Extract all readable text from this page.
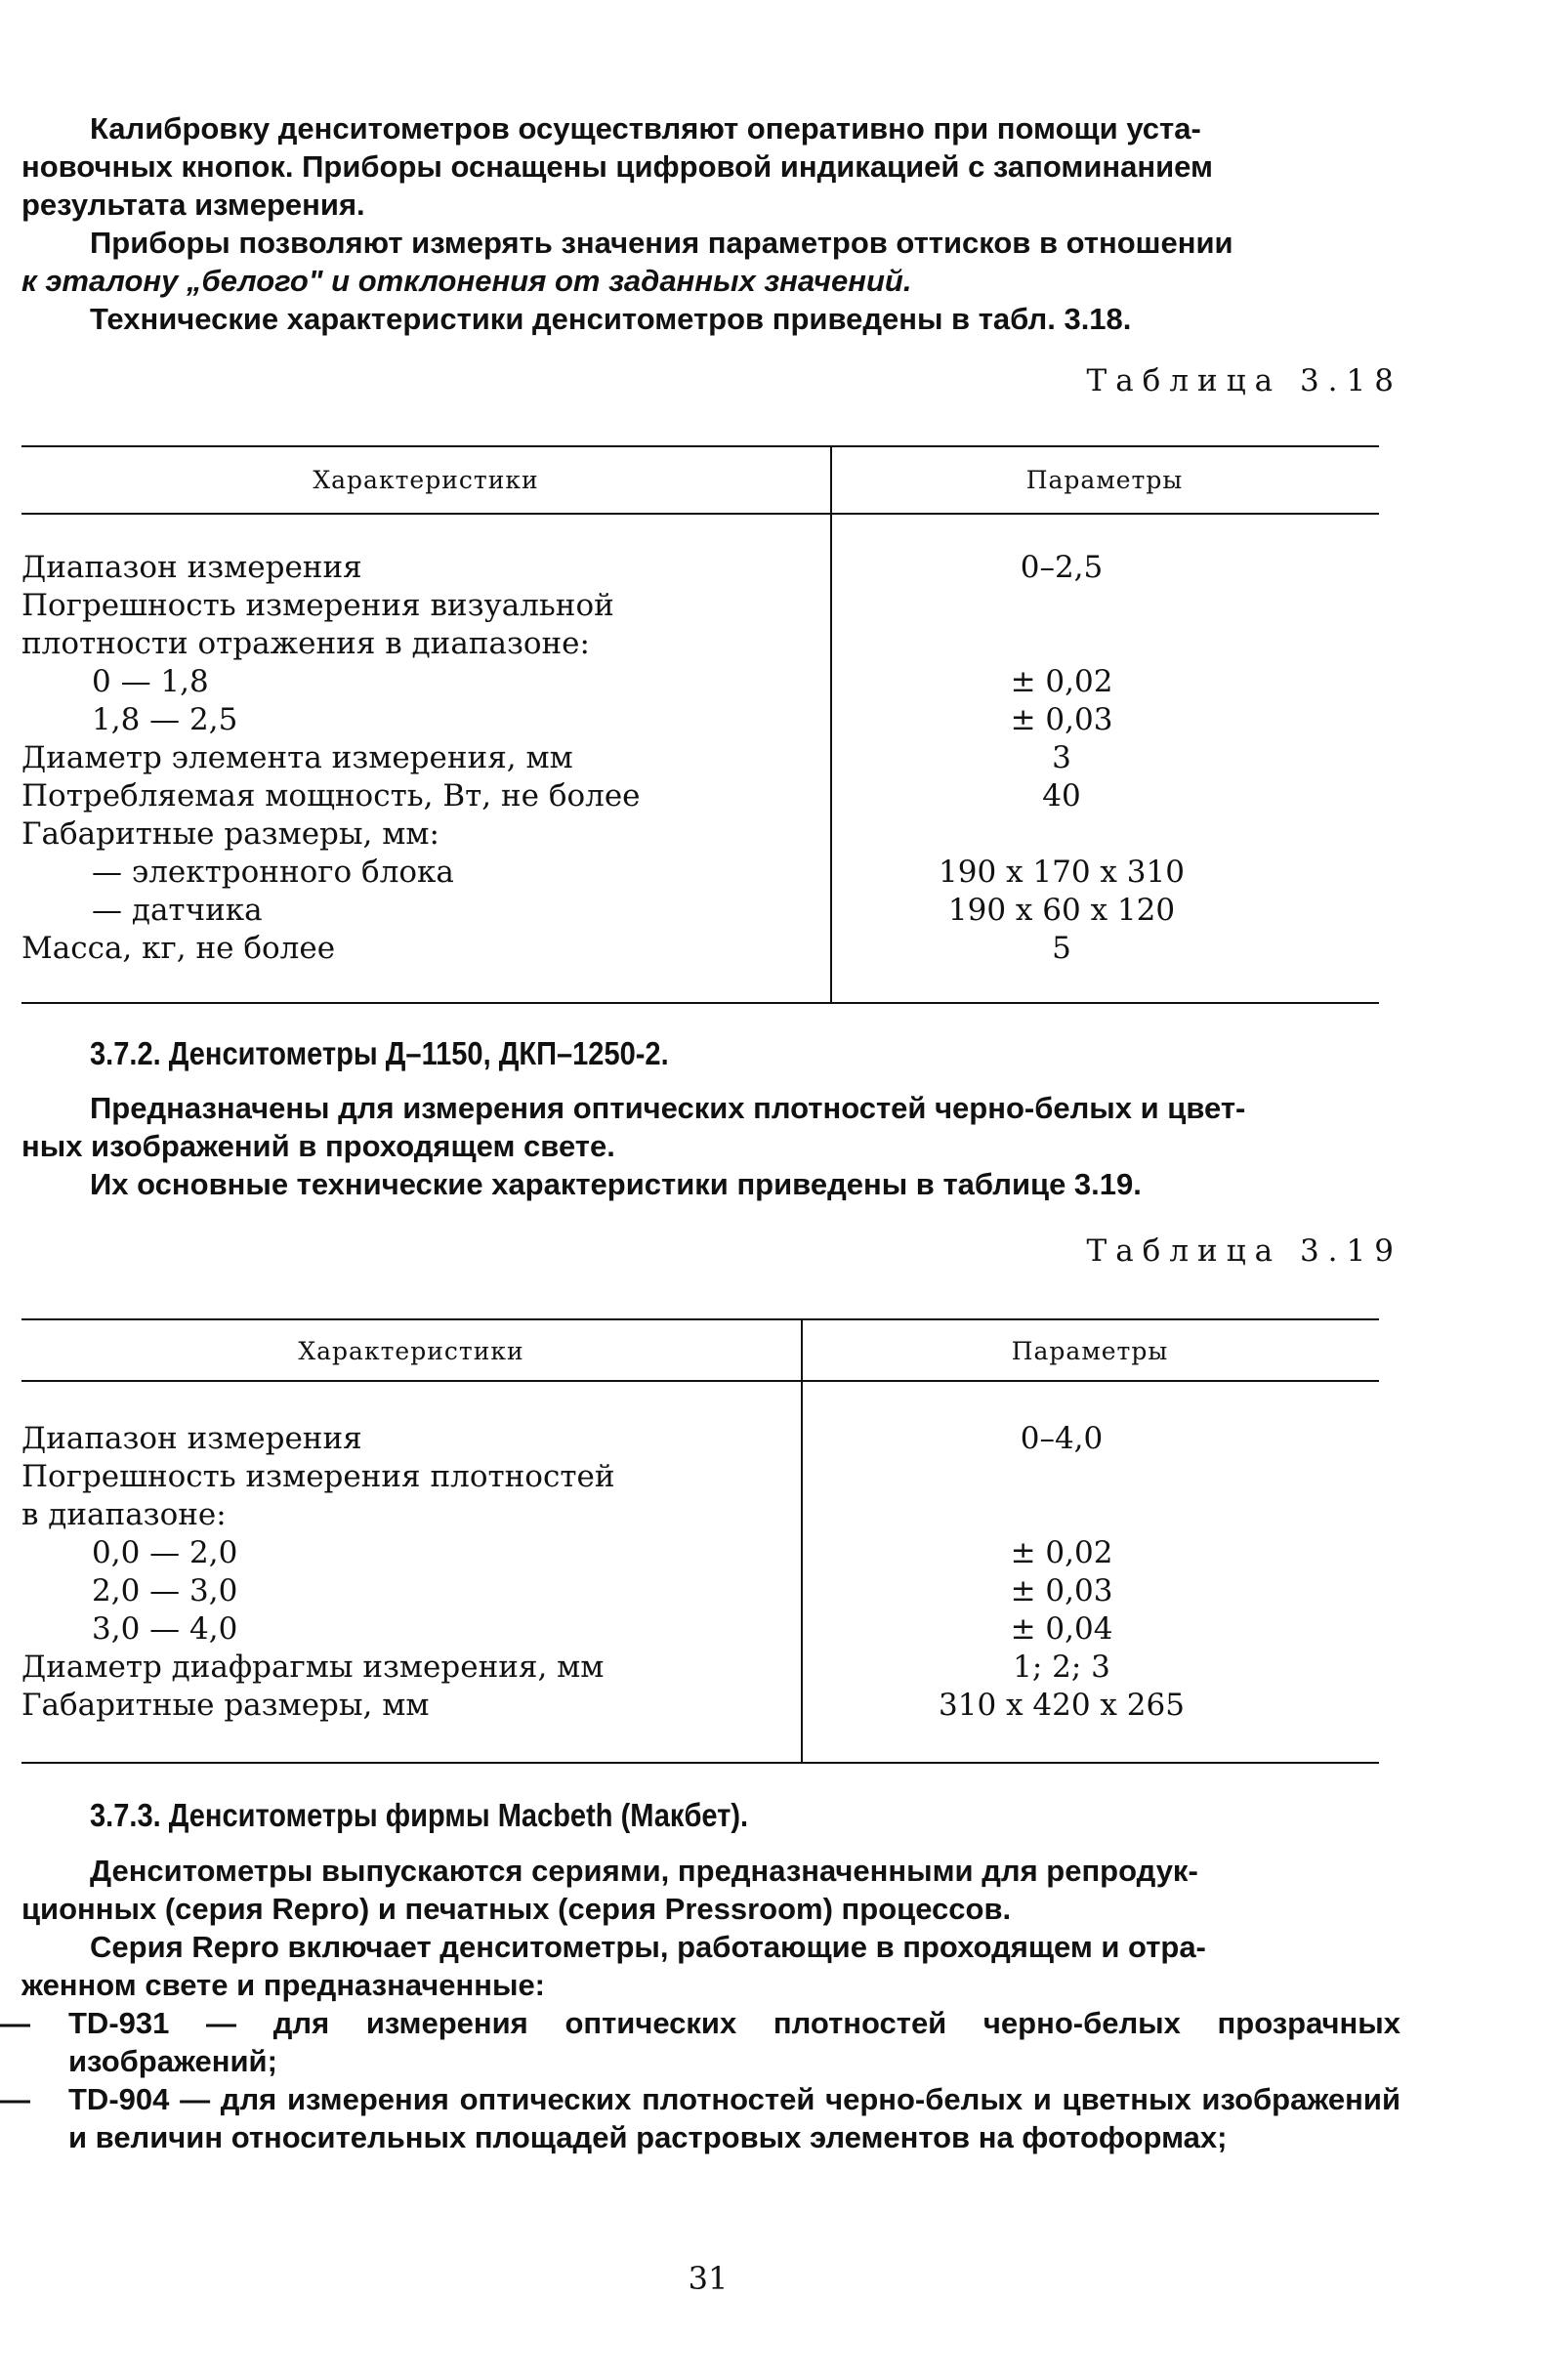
Калибровку денситометров осуществляют оперативно при помощи уста-
новочных кнопок. Приборы оснащены цифровой индикацией с запоминанием
результата измерения.
Приборы позволяют измерять значения параметров оттисков в отношении
к эталону „белого" и отклонения от заданных значений.
Технические характеристики денситометров приведены в табл. 3.18.
Таблица 3.18
Характеристики	Параметры
Диапазон измерения	0–2,5
Погрешность измерения визуальной
плотности отражения в диапазоне:
0 — 1,8	± 0,02
1,8 — 2,5	± 0,03
Диаметр элемента измерения, мм	3
Потребляемая мощность, Вт, не более	40
Габаритные размеры, мм:
— электронного блока	190 х 170 х 310
— датчика	190 х 60 х 120
Масса, кг, не более	5
3.7.2. Денситометры Д–1150, ДКП–1250-2.
Предназначены для измерения оптических плотностей черно-белых и цвет-
ных изображений в проходящем свете.
Их основные технические характеристики приведены в таблице 3.19.
Таблица 3.19
Характеристики	Параметры
Диапазон измерения	0–4,0
Погрешность измерения плотностей
в диапазоне:
0,0 — 2,0	± 0,02
2,0 — 3,0	± 0,03
3,0 — 4,0	± 0,04
Диаметр диафрагмы измерения, мм	1; 2; 3
Габаритные размеры, мм	310 х 420 х 265
3.7.3. Денситометры фирмы Macbeth (Макбет).
Денситометры выпускаются сериями, предназначенными для репродук-
ционных (серия Repro) и печатных (серия Pressroom) процессов.
Серия Repro включает денситометры, работающие в проходящем и отра-
женном свете и предназначенные:
— TD-931 — для измерения оптических плотностей черно-белых прозрачных изображений;
— TD-904 — для измерения оптических плотностей черно-белых и цветных изображений и величин относительных площадей растровых элементов на фотоформах;
31
